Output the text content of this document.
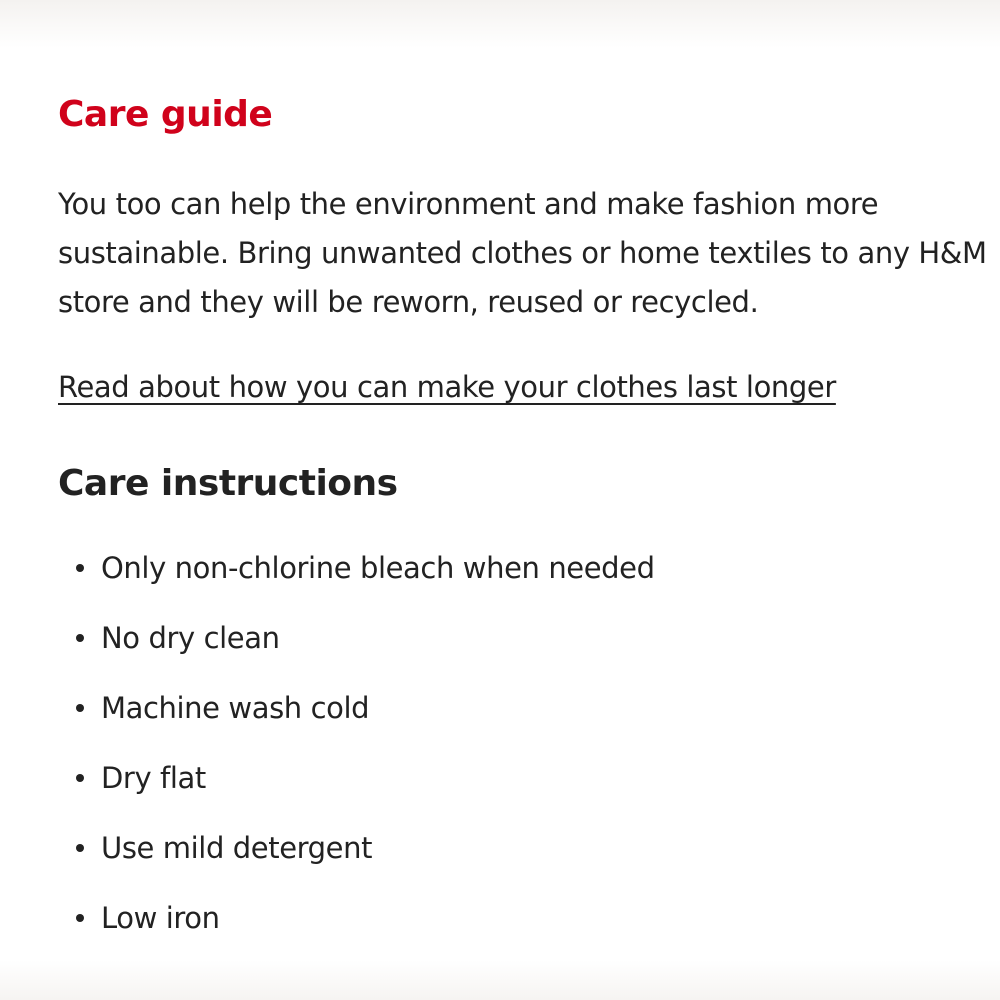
Care guide

You too can help the environment and make fashion more sustainable. Bring unwanted clothes or home textiles to any H&M store and they will be reworn, reused or recycled.

Read about how you can make your clothes last longer
Care instructions
Only non-chlorine bleach when needed
No dry clean
Machine wash cold
Dry flat
Use mild detergent
Low iron
